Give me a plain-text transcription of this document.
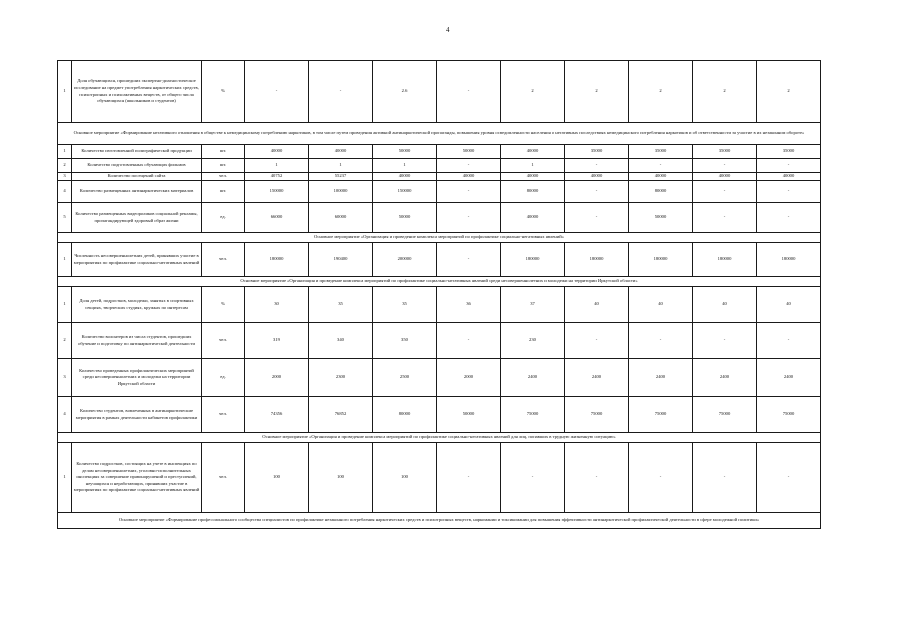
4
1	Доля обучающихся, прошедших экспертно-диагностическое исследование на предмет употребления наркотических средств, психотропных и психоактивных веществ, от общего числа обучающихся (школьников и студентов)	%	-	-	2.6	-	2	2	2	2	2
Основное мероприятие «Формирование негативного отношения в обществе к немедицинскому потреблению наркотиков, в том числе путем проведения активной антинаркотической пропаганды, повышения уровня осведомленности населения о негативных последствиях немедицинского потребления наркотиков и об ответственности за участие в их незаконном обороте»											
1	Количество изготовленной полиграфической продукции	шт.	40000	40000	50000	50000	40000	35000	35000	35000	35000
2	Количество подготовленных обучающих фильмов	шт.	1	1	1	-	1	-	-	-	-
3	Количество посещений сайта	чел.	40752	55237	40000	40000	40000	40000	40000	40000	40000
4	Количество размещенных антинаркотических материалов	шт.	150000	100000	150000	-	80000	-	80000	-	-
5	Количество размещенных видеороликов социальной рекламы, пропагандирующей здоровый образ жизни	ед.	66000	60000	50000	-	40000	-	50000	-	-
Основное мероприятие «Организация и проведение комплекса мероприятий по профилактике социально-негативных явлений»											
1	Численность несовершеннолетних детей, принявших участие в мероприятиях по профилактике социально-негативных явлений	чел.	180000	190400	200000	-	180000	180000	180000	180000	180000
Основное мероприятие «Организация и проведение комплекса мероприятий по профилактике социально-негативных явлений среди несовершеннолетних и молодежи на территории Иркутской области»											
1	Доля детей, подростков, молодежи, занятых в спортивных секциях, творческих студиях, кружках по интересам	%	30	35	35	36	37	40	40	40	40
2	Количество волонтеров из числа студентов, прошедших обучение и подготовку по антинаркотической деятельности	чел.	319	340	350	-	230	-	-	-	-
3	Количество проведенных профилактических мероприятий среди несовершеннолетних и молодежи на территории Иркутской области	ед.	2000	2300	2500	2000	2400	2400	2400	2400	2400
4	Количество студентов, вовлеченных в антинаркотические мероприятия в рамках деятельности кабинетов профилактики	чел.	74356	76852	80000	50000	75000	75000	75000	75000	75000
Основное мероприятие «Организация и проведение комплекса мероприятий по профилактике социально-негативных явлений для лиц, попавших в трудную жизненную ситуацию»											
1	Количество подростков, состоящих на учете в инспекциях по делам несовершеннолетних, уголовно-исполнительных инспекциях за совершение правонарушений и преступлений, неучащихся и неработающих, принявших участие в мероприятиях по профилактике социально-негативных явлений	чел.	100	100	100	-	-	-	-	-	-
Основное мероприятие «Формирование профессионального сообщества специалистов по профилактике незаконного потребления наркотических средств и психотропных веществ, наркомании и токсикомании для повышения эффективности антинаркотической профилактической деятельности в сфере молодежной политики»											
